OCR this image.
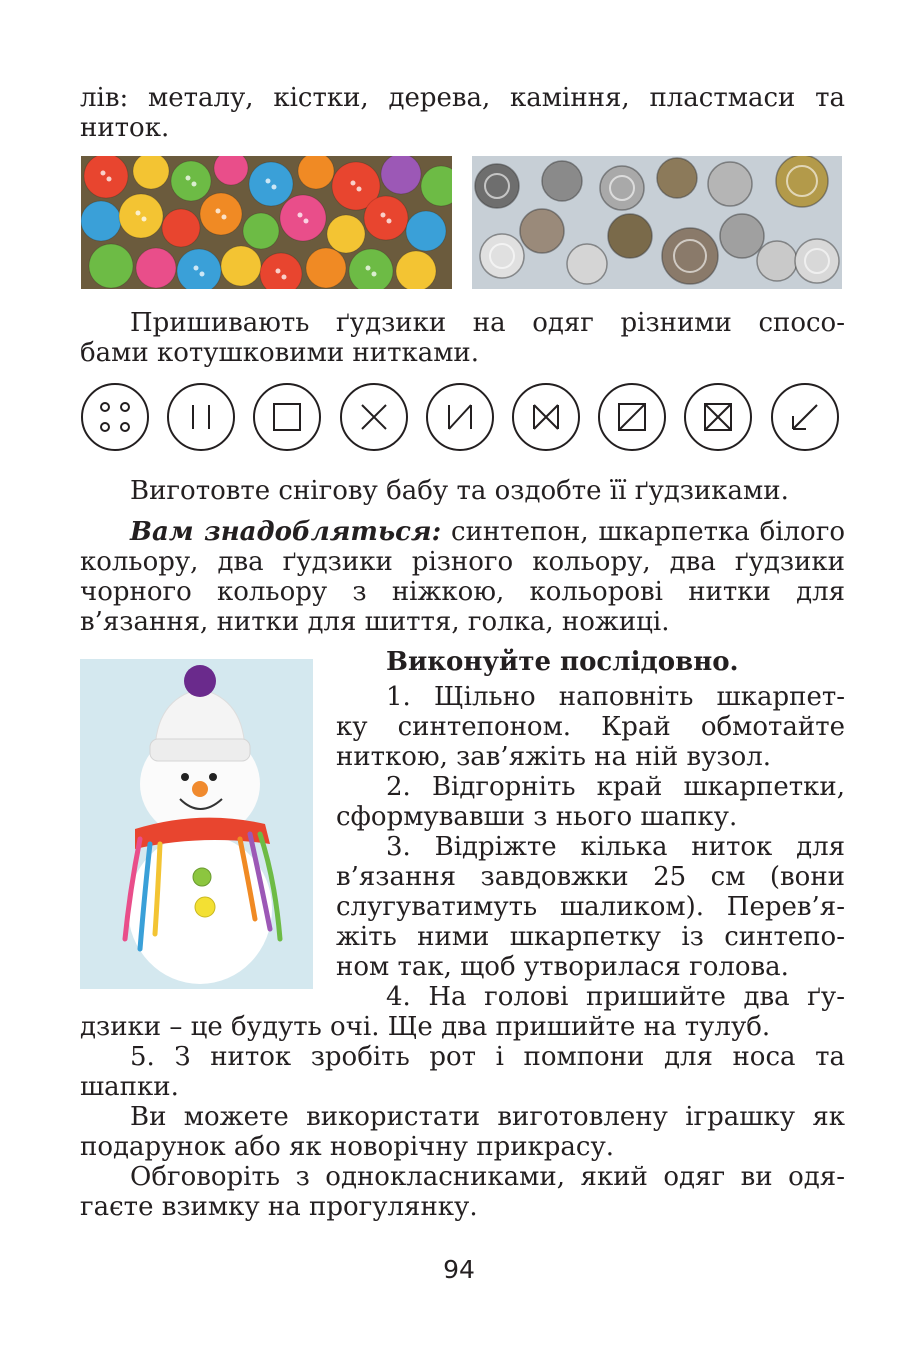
лів: металу, кістки, дерева, каміння, пластмаси та
ниток.
Пришивають ґудзики на одяг різними спосо-
бами котушковими нитками.
Виготовте снігову бабу та оздобте її ґудзиками.
Вам знадобляться: синтепон, шкарпетка білого
кольору, два ґудзики різного кольору, два ґудзики
чорного кольору з ніжкою, кольорові нитки для
в’язання, нитки для шиття, голка, ножиці.
Виконуйте послідовно.
1. Щільно наповніть шкарпет-
ку синтепоном. Край обмотайте
ниткою, зав’яжіть на ній вузол.
2. Відгорніть край шкарпетки,
сформувавши з нього шапку.
3. Відріжте кілька ниток для
в’язання завдовжки 25 см (вони
слугуватимуть шаликом). Перев’я-
жіть ними шкарпетку із синтепо-
ном так, щоб утворилася голова.
4. На голові пришийте два ґу-
дзики – це будуть очі. Ще два пришийте на тулуб.
5. З ниток зробіть рот і помпони для носа та
шапки.
Ви можете використати виготовлену іграшку як
подарунок або як новорічну прикрасу.
Обговоріть з однокласниками, який одяг ви одя-
гаєте взимку на прогулянку.
94
